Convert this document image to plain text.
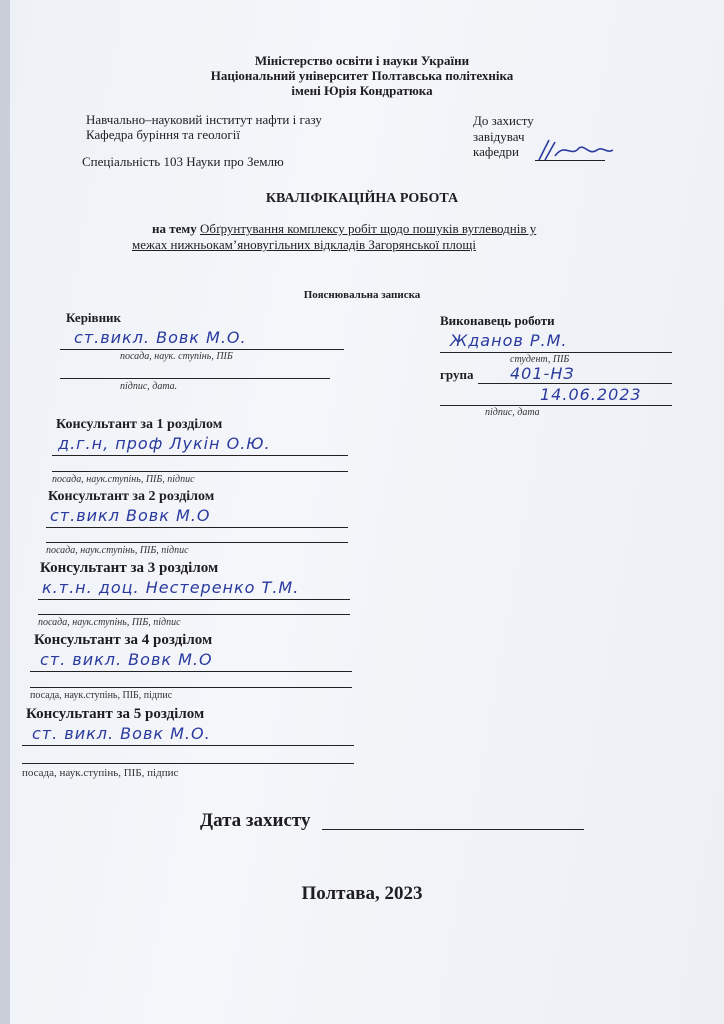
Міністерство освіти і науки України
Національний університет Полтавська політехніка
імені Юрія Кондратюка
Навчально–науковий інститут нафти і газу
Кафедра буріння та геології
Спеціальність 103 Науки про Землю
До захисту
завідувач
кафедри
КВАЛІФІКАЦІЙНА РОБОТА
на тему Обґрунтування комплексу робіт щодо пошуків вуглеводнів у
межах нижньокам’яновугільних відкладів Загорянської площі
Пояснювальна записка
Керівник
ст.викл. Вовк М.О.
посада, наук. ступінь, ПІБ
підпис, дата.
Виконавець роботи
Жданов Р.М.
студент, ПІБ
група 401-НЗ
14.06.2023
підпис, дата
Консультант за 1 розділом
д.г.н, проф Лукін О.Ю.
посада, наук.ступінь, ПІБ, підпис
Консультант за 2 розділом
ст.викл Вовк М.О
посада, наук.ступінь, ПІБ, підпис
Консультант за 3 розділом
к.т.н. доц. Нестеренко Т.М.
посада, наук.ступінь, ПІБ, підпис
Консультант за 4 розділом
ст. викл. Вовк М.О
посада, наук.ступінь, ПІБ, підпис
Консультант за 5 розділом
ст. викл. Вовк М.О.
посада, наук.ступінь, ПІБ, підпис
Дата захисту
Полтава, 2023
